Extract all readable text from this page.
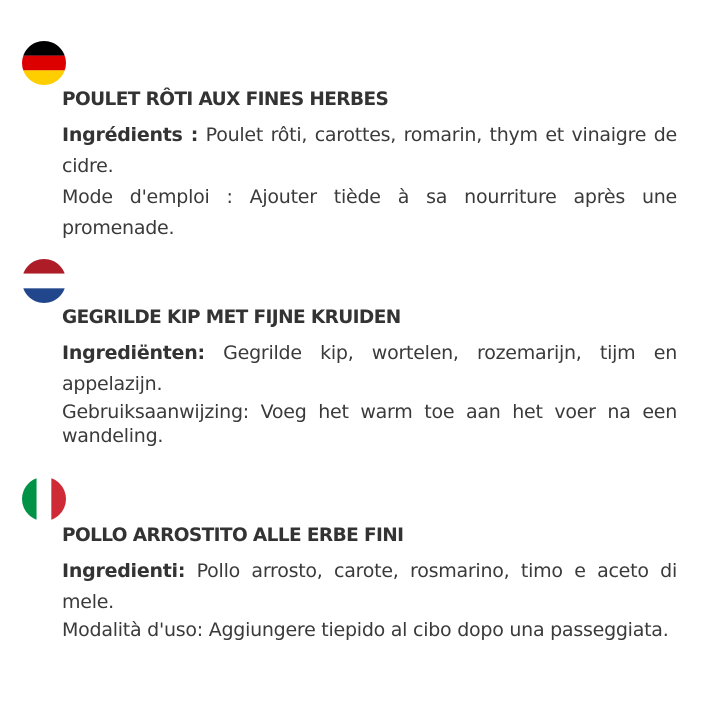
POULET RÔTI AUX FINES HERBES

Ingrédients : Poulet rôti, carottes, romarin, thym et vinaigre de cidre.

Mode d'emploi : Ajouter tiède à sa nourriture après une promenade.

GEGRILDE KIP MET FIJNE KRUIDEN

Ingrediënten: Gegrilde kip, wortelen, rozemarijn, tijm en appelazijn.

Gebruiksaanwijzing: Voeg het warm toe aan het voer na een wandeling.

POLLO ARROSTITO ALLE ERBE FINI

Ingredienti: Pollo arrosto, carote, rosmarino, timo e aceto di mele.

Modalità d'uso: Aggiungere tiepido al cibo dopo una passeggiata.
